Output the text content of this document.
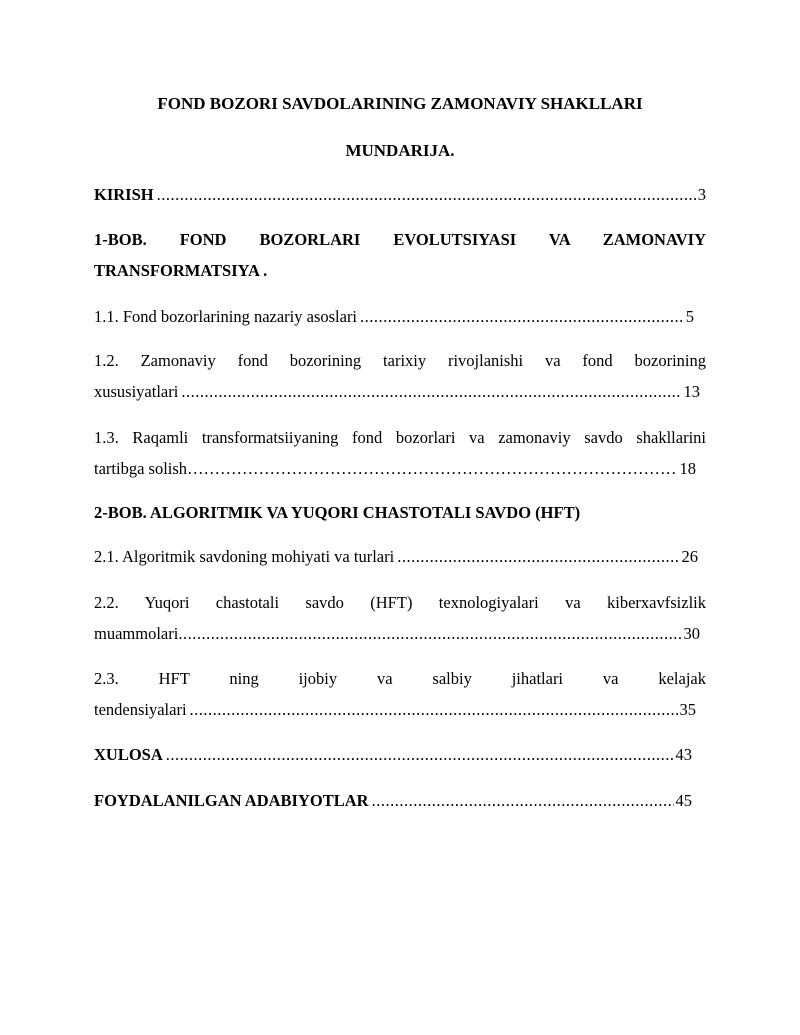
FOND BOZORI SAVDOLARINING ZAMONAVIY SHAKLLARI
MUNDARIJA.
KIRISH .....	3
1-BOB. FOND BOZORLARI EVOLUTSIYASI VA ZAMONAVIY
TRANSFORMATSIYA .
1.1. Fond bozorlarining nazariy asoslari .....	5
1.2. Zamonaviy fond bozorining tarixiy rivojlanishi va fond bozorining
xususiyatlari .....	13
1.3. Raqamli transformatsiiyaning fond bozorlari va zamonaviy savdo shakllarini
tartibga solish ……………………………………………………………………………………………………………………………………………………………	18
2-BOB. ALGORITMIK VA YUQORI CHASTOTALI SAVDO (HFT)
2.1. Algoritmik savdoning mohiyati va turlari .....	26
2.2. Yuqori chastotali savdo (HFT) texnologiyalari va kiberxavfsizlik
muammolari .....	30
2.3. HFT ning ijobiy va salbiy jihatlari va kelajak
tendensiyalari .....	35
XULOSA .....	43
FOYDALANILGAN ADABIYOTLAR .....	45
